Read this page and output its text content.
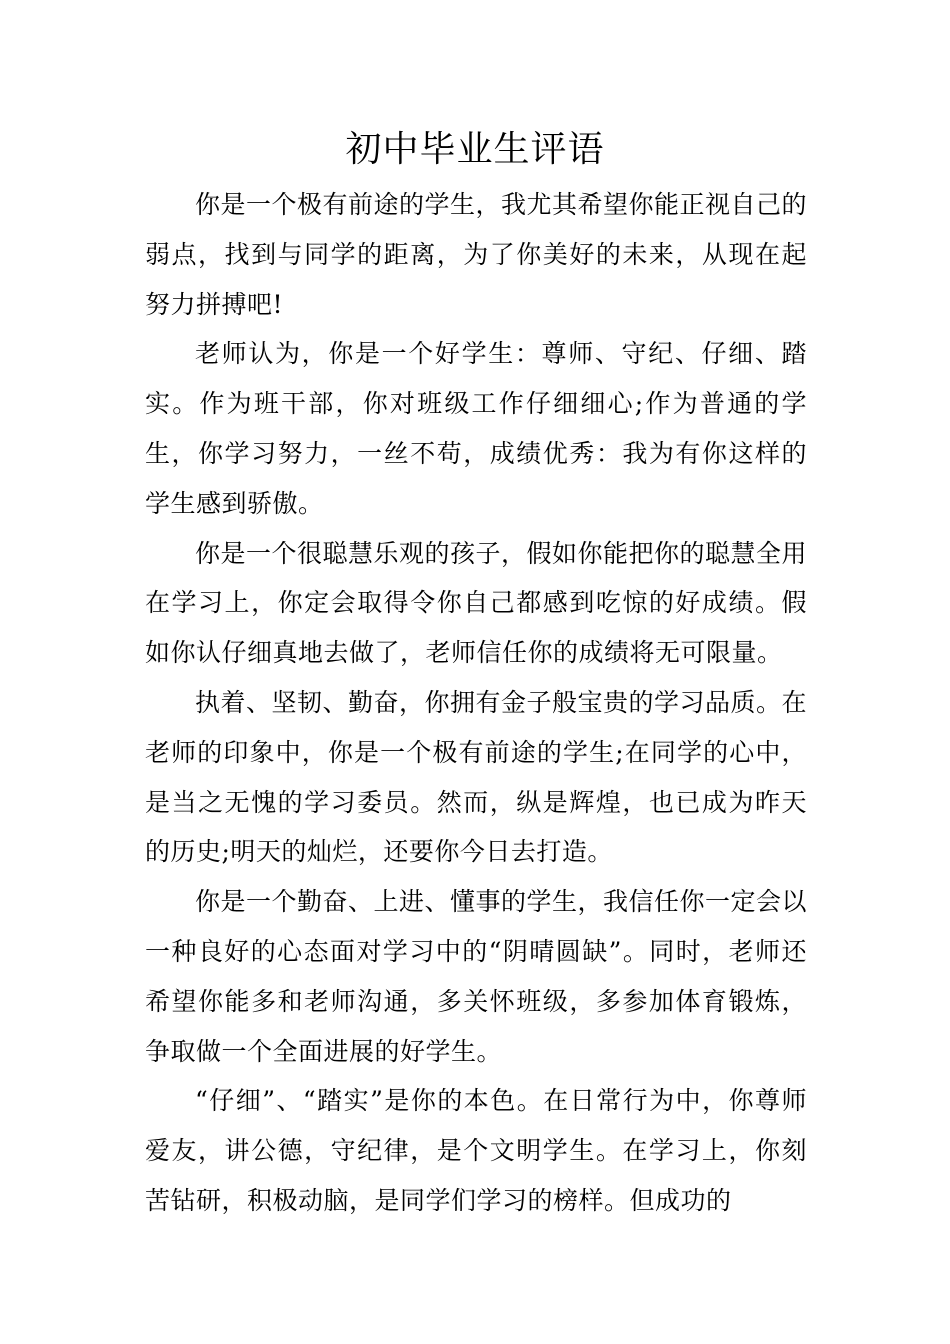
初中毕业生评语

你是一个极有前途的学生，我尤其希望你能正视自己的弱点，找到与同学的距离，为了你美好的未来，从现在起努力拼搏吧!

老师认为，你是一个好学生：尊师、守纪、仔细、踏实。作为班干部，你对班级工作仔细细心;作为普通的学生，你学习努力，一丝不苟，成绩优秀：我为有你这样的学生感到骄傲。

你是一个很聪慧乐观的孩子，假如你能把你的聪慧全用在学习上，你定会取得令你自己都感到吃惊的好成绩。假如你认仔细真地去做了，老师信任你的成绩将无可限量。

执着、坚韧、勤奋，你拥有金子般宝贵的学习品质。在老师的印象中，你是一个极有前途的学生;在同学的心中，是当之无愧的学习委员。然而，纵是辉煌，也已成为昨天的历史;明天的灿烂，还要你今日去打造。

你是一个勤奋、上进、懂事的学生，我信任你一定会以一种良好的心态面对学习中的“阴晴圆缺”。同时，老师还希望你能多和老师沟通，多关怀班级，多参加体育锻炼，争取做一个全面进展的好学生。

“仔细”、“踏实”是你的本色。在日常行为中，你尊师爱友，讲公德，守纪律，是个文明学生。在学习上，你刻苦钻研，积极动脑，是同学们学习的榜样。但成功的
